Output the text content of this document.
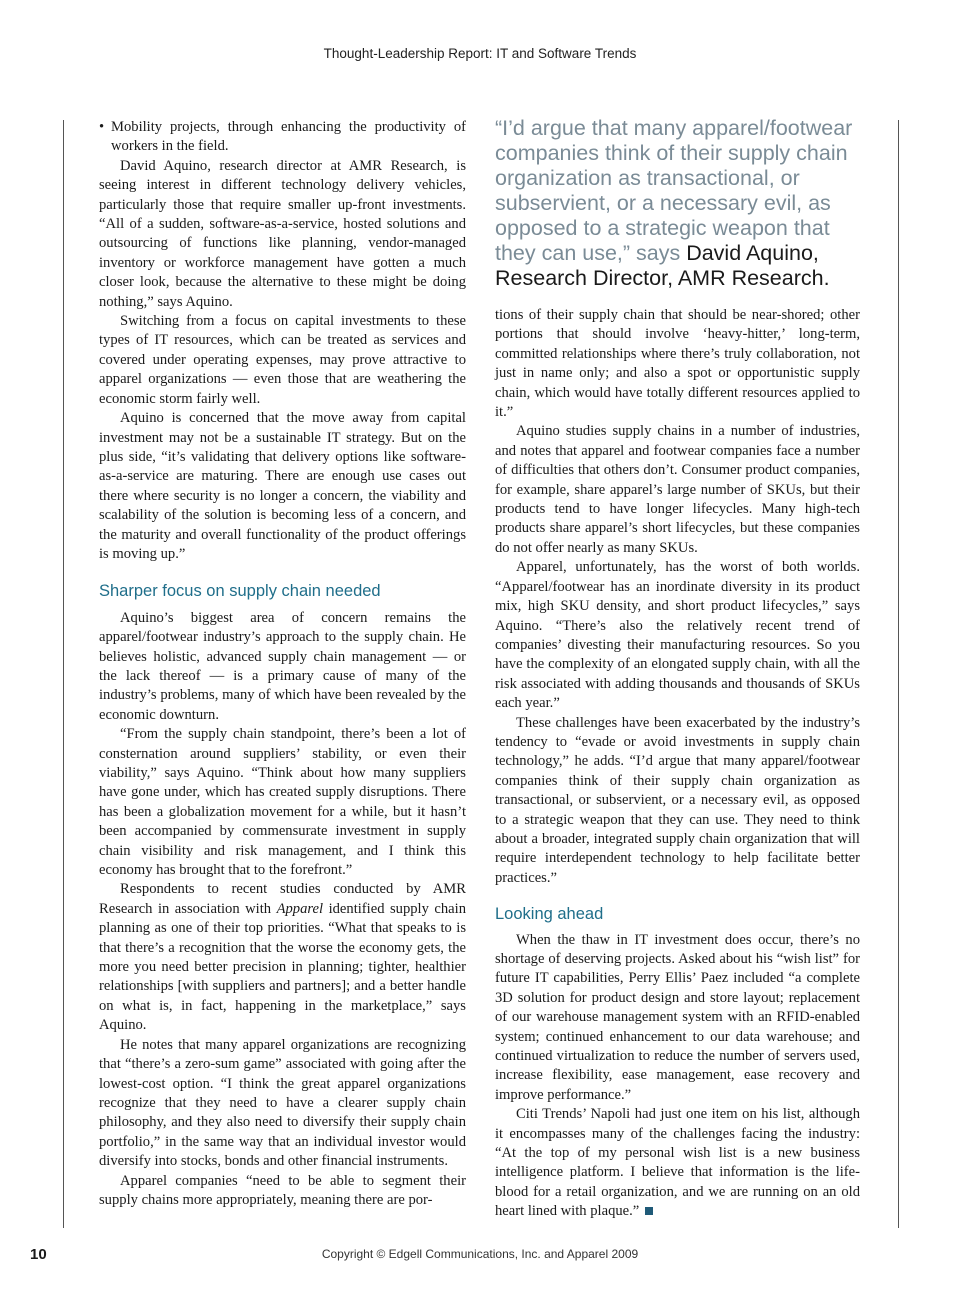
Thought-Leadership Report: IT and Software Trends

• Mobility projects, through enhancing the productivity of workers in the field.

David Aquino, research director at AMR Research, is seeing interest in different technology delivery vehicles, particularly those that require smaller up-front investments. “All of a sudden, software-as-a-service, hosted solutions and outsourcing of functions like planning, vendor-managed inventory or workforce management have gotten a much closer look, because the alternative to these might be doing nothing,” says Aquino.

Switching from a focus on capital investments to these types of IT resources, which can be treated as services and covered under operating expenses, may prove attractive to apparel organizations — even those that are weathering the economic storm fairly well.

Aquino is concerned that the move away from capital investment may not be a sustainable IT strategy. But on the plus side, “it’s validating that delivery options like software-as-a-service are maturing. There are enough use cases out there where security is no longer a concern, the viability and scalability of the solution is becoming less of a concern, and the maturity and overall functionality of the product offerings is moving up.”

Sharper focus on supply chain needed

Aquino’s biggest area of concern remains the apparel/footwear industry’s approach to the supply chain. He believes holistic, advanced supply chain management — or the lack thereof — is a primary cause of many of the industry’s problems, many of which have been revealed by the economic downturn.

“From the supply chain standpoint, there’s been a lot of consternation around suppliers’ stability, or even their viability,” says Aquino. “Think about how many suppliers have gone under, which has created supply disruptions. There has been a globalization movement for a while, but it hasn’t been accompanied by commensurate investment in supply chain visibility and risk management, and I think this economy has brought that to the forefront.”

Respondents to recent studies conducted by AMR Research in association with Apparel identified supply chain planning as one of their top priorities. “What that speaks to is that there’s a recognition that the worse the economy gets, the more you need better precision in planning; tighter, healthier relationships [with suppliers and partners]; and a better handle on what is, in fact, happening in the marketplace,” says Aquino.

He notes that many apparel organizations are recognizing that “there’s a zero-sum game” associated with going after the lowest-cost option. “I think the great apparel organizations recognize that they need to have a clearer supply chain philosophy, and they also need to diversify their supply chain portfolio,” in the same way that an individual investor would diversify into stocks, bonds and other financial instruments.

Apparel companies “need to be able to segment their supply chains more appropriately, meaning there are por-

“I’d argue that many apparel/footwear companies think of their supply chain organization as transactional, or subservient, or a necessary evil, as opposed to a strategic weapon that they can use,” says David Aquino, Research Director, AMR Research.

tions of their supply chain that should be near-shored; other portions that should involve ‘heavy-hitter,’ long-term, committed relationships where there’s truly collaboration, not just in name only; and also a spot or opportunistic supply chain, which would have totally different resources applied to it.”

Aquino studies supply chains in a number of industries, and notes that apparel and footwear companies face a number of difficulties that others don’t. Consumer product companies, for example, share apparel’s large number of SKUs, but their products tend to have longer lifecycles. Many high-tech products share apparel’s short lifecycles, but these companies do not offer nearly as many SKUs.

Apparel, unfortunately, has the worst of both worlds. “Apparel/footwear has an inordinate diversity in its product mix, high SKU density, and short product lifecycles,” says Aquino. “There’s also the relatively recent trend of companies’ divesting their manufacturing resources. So you have the complexity of an elongated supply chain, with all the risk associated with adding thousands and thousands of SKUs each year.”

These challenges have been exacerbated by the industry’s tendency to “evade or avoid investments in supply chain technology,” he adds. “I’d argue that many apparel/footwear companies think of their supply chain organization as transactional, or subservient, or a necessary evil, as opposed to a strategic weapon that they can use. They need to think about a broader, integrated supply chain organization that will require interdependent technology to help facilitate better practices.”

Looking ahead

When the thaw in IT investment does occur, there’s no shortage of deserving projects. Asked about his “wish list” for future IT capabilities, Perry Ellis’ Paez included “a complete 3D solution for product design and store layout; replacement of our warehouse management system with an RFID-enabled system; continued enhancement to our data warehouse; and continued virtualization to reduce the number of servers used, increase flexibility, ease management, ease recovery and improve performance.”

Citi Trends’ Napoli had just one item on his list, although it encompasses many of the challenges facing the industry: “At the top of my personal wish list is a new business intelligence platform. I believe that information is the life-blood for a retail organization, and we are running on an old heart lined with plaque.”

10	Copyright © Edgell Communications, Inc. and Apparel 2009
